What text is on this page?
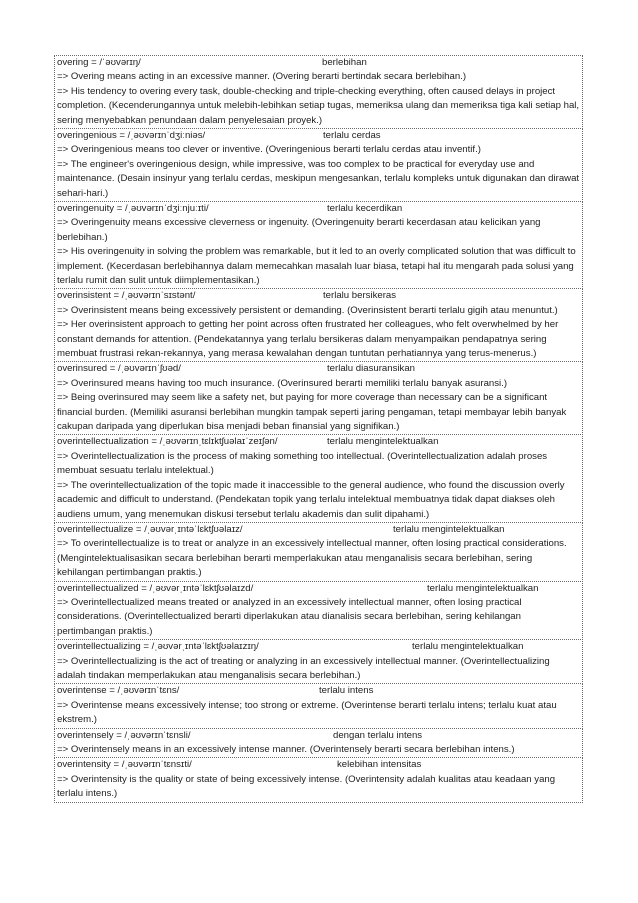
overing = /ˈəʊvərɪŋ/	berlebihan
=> Overing means acting in an excessive manner. (Overing berarti bertindak secara berlebihan.)
=> His tendency to overing every task, double-checking and triple-checking everything, often caused delays in project completion. (Kecenderungannya untuk melebih-lebihkan setiap tugas, memeriksa ulang dan memeriksa tiga kali setiap hal, sering menyebabkan penundaan dalam penyelesaian proyek.)
overingenious = /ˌəʊvərɪnˈdʒiːniəs/	terlalu cerdas
=> Overingenious means too clever or inventive. (Overingenious berarti terlalu cerdas atau inventif.)
=> The engineer's overingenious design, while impressive, was too complex to be practical for everyday use and maintenance. (Desain insinyur yang terlalu cerdas, meskipun mengesankan, terlalu kompleks untuk digunakan dan dirawat sehari-hari.)
overingenuity = /ˌəʊvərɪnˈdʒiːnjuːɪti/	terlalu kecerdikan
=> Overingenuity means excessive cleverness or ingenuity. (Overingenuity berarti kecerdasan atau kelicikan yang berlebihan.)
=> His overingenuity in solving the problem was remarkable, but it led to an overly complicated solution that was difficult to implement. (Kecerdasan berlebihannya dalam memecahkan masalah luar biasa, tetapi hal itu mengarah pada solusi yang terlalu rumit dan sulit untuk diimplementasikan.)
overinsistent = /ˌəʊvərɪnˈsɪstənt/	terlalu bersikeras
=> Overinsistent means being excessively persistent or demanding. (Overinsistent berarti terlalu gigih atau menuntut.)
=> Her overinsistent approach to getting her point across often frustrated her colleagues, who felt overwhelmed by her constant demands for attention. (Pendekatannya yang terlalu bersikeras dalam menyampaikan pendapatnya sering membuat frustrasi rekan-rekannya, yang merasa kewalahan dengan tuntutan perhatiannya yang terus-menerus.)
overinsured = /ˌəʊvərɪnˈʃʊəd/	terlalu diasuransikan
=> Overinsured means having too much insurance. (Overinsured berarti memiliki terlalu banyak asuransi.)
=> Being overinsured may seem like a safety net, but paying for more coverage than necessary can be a significant financial burden. (Memiliki asuransi berlebihan mungkin tampak seperti jaring pengaman, tetapi membayar lebih banyak cakupan daripada yang diperlukan bisa menjadi beban finansial yang signifikan.)
overintellectualization = /ˌəʊvərɪnˌtɛlɪktʃuəlaɪˈzeɪʃən/	terlalu mengintelektualkan
=> Overintellectualization is the process of making something too intellectual. (Overintellectualization adalah proses membuat sesuatu terlalu intelektual.)
=> The overintellectualization of the topic made it inaccessible to the general audience, who found the discussion overly academic and difficult to understand. (Pendekatan topik yang terlalu intelektual membuatnya tidak dapat diakses oleh audiens umum, yang menemukan diskusi tersebut terlalu akademis dan sulit dipahami.)
overintellectualize = /ˌəʊvərˌɪntəˈlɛktʃʊəlaɪz/	terlalu mengintelektualkan
=> To overintellectualize is to treat or analyze in an excessively intellectual manner, often losing practical considerations. (Mengintelektualisasikan secara berlebihan berarti memperlakukan atau menganalisis secara berlebihan, sering kehilangan pertimbangan praktis.)
overintellectualized = /ˌəʊvərˌɪntəˈlɛktʃʊəlaɪzd/	terlalu mengintelektualkan
=> Overintellectualized means treated or analyzed in an excessively intellectual manner, often losing practical considerations. (Overintellectualized berarti diperlakukan atau dianalisis secara berlebihan, sering kehilangan pertimbangan praktis.)
overintellectualizing = /ˌəʊvərˌɪntəˈlɛktʃʊəlaɪzɪŋ/	terlalu mengintelektualkan
=> Overintellectualizing is the act of treating or analyzing in an excessively intellectual manner. (Overintellectualizing adalah tindakan memperlakukan atau menganalisis secara berlebihan.)
overintense = /ˌəʊvərɪnˈtɛns/	terlalu intens
=> Overintense means excessively intense; too strong or extreme. (Overintense berarti terlalu intens; terlalu kuat atau ekstrem.)
overintensely = /ˌəʊvərɪnˈtɛnsli/	dengan terlalu intens
=> Overintensely means in an excessively intense manner. (Overintensely berarti secara berlebihan intens.)
overintensity = /ˌəʊvərɪnˈtɛnsɪti/	kelebihan intensitas
=> Overintensity is the quality or state of being excessively intense. (Overintensity adalah kualitas atau keadaan yang terlalu intens.)
